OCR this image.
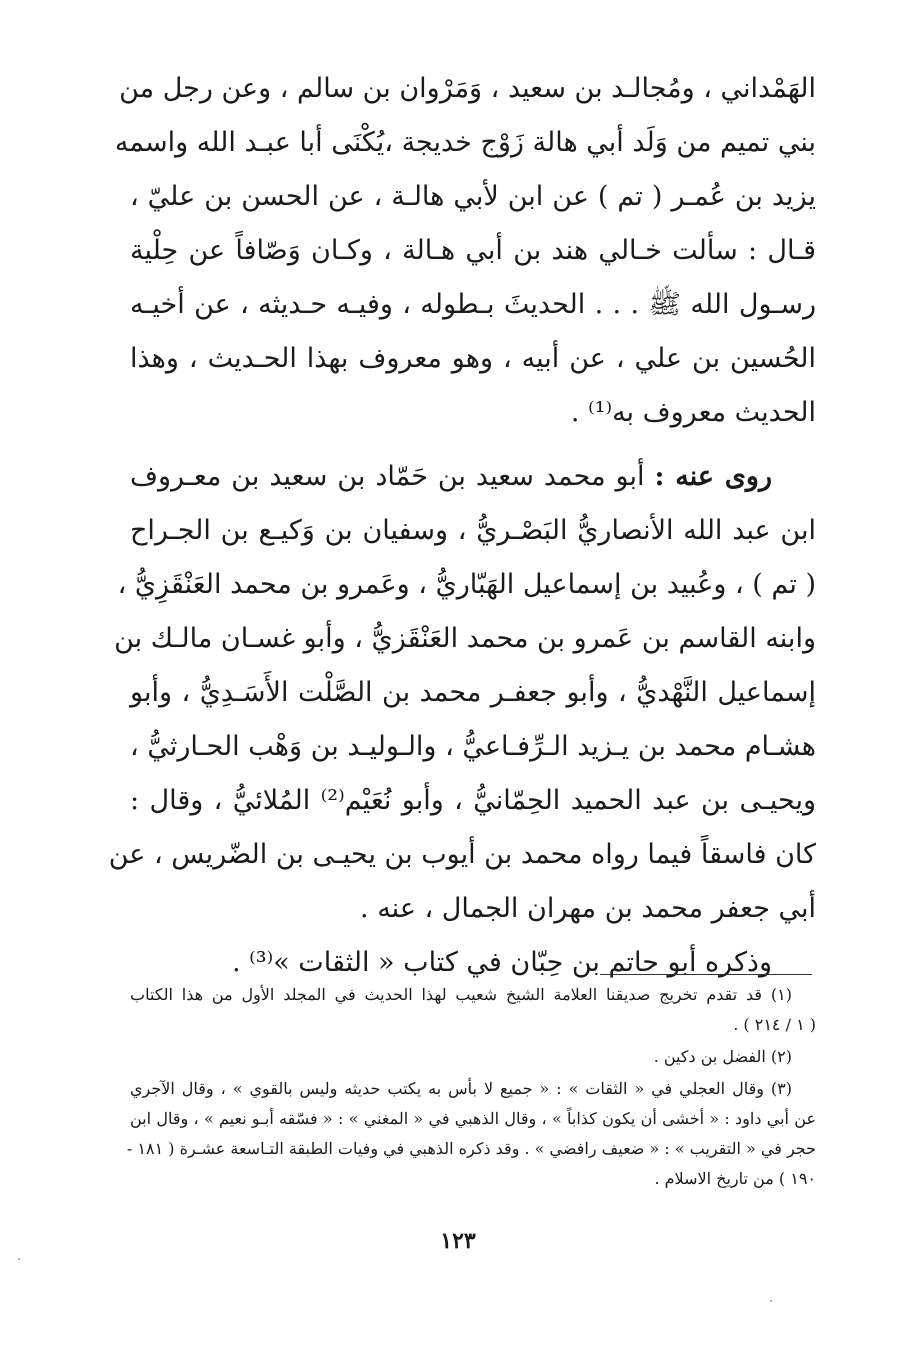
الهَمْداني ، ومُجالـد بن سعيد ، وَمَرْوان بن سالم ، وعن رجل من
بني تميم من وَلَد أبي هالة زَوْج خديجة ،يُكْنَى أبا عبـد الله واسمه
يزيد بن عُمـر ( تم ) عن ابن لأبي هالـة ، عن الحسن بن عليّ ،
قـال : سألت خـالي هند بن أبي هـالة ، وكـان وَصّافاً عن حِلْية
رسـول الله ﷺ . . . الحديثَ بـطوله ، وفيـه حـديثه ، عن أخيـه
الحُسين بن علي ، عن أبيه ، وهو معروف بهذا الحـديث ، وهذا
الحديث معروف به⁽¹⁾ .
روى عنه : أبو محمد سعيد بن حَمّاد بن سعيد بن معـروف
ابن عبد الله الأنصاريُّ البَصْـريُّ ، وسفيان بن وَكيـع بن الجـراح
( تم ) ، وعُبيد بن إسماعيل الهَبّاريُّ ، وعَمرو بن محمد العَنْقَزِيُّ ،
وابنه القاسم بن عَمرو بن محمد العَنْقَزيُّ ، وأبو غسـان مالـك بن
إسماعيل النَّهْديُّ ، وأبو جعفـر محمد بن الصَّلْت الأَسَـدِيُّ ، وأبو
هشـام محمد بن يـزيد الـرِّفـاعيُّ ، والـوليـد بن وَهْب الحـارثيُّ ،
ويحيـى بن عبد الحميد الحِمّانيُّ ، وأبو نُعَيْم⁽²⁾ المُلائيُّ ، وقال :
كان فاسقاً فيما رواه محمد بن أيوب بن يحيـى بن الضّريس ، عن
أبي جعفر محمد بن مهران الجمال ، عنه .
وذكره أبو حاتم بن حِبّان في كتاب « الثقات »⁽³⁾ .
(١) قد تقدم تخريج صديقنا العلامة الشيخ شعيب لهذا الحديث في المجلد الأول من هذا الكتاب
( ١ / ٢١٤ ) .
(٢) الفضل بن دكين .
(٣) وقال العجلي في « الثقات » : « جميع لا بأس به يكتب حديثه وليس بالقوي » ، وقال الآجري
عن أبي داود : « أخشى أن يكون كذاباً » ، وقال الذهبي في « المغني » : « فسّقه أبـو نعيم » ، وقال ابن
حجر في « التقريب » : « ضعيف رافضي » . وقد ذكره الذهبي في وفيات الطبقة التـاسعة عشـرة ( ١٨١ -
١٩٠ ) من تاريخ الاسلام .
١٢٣
